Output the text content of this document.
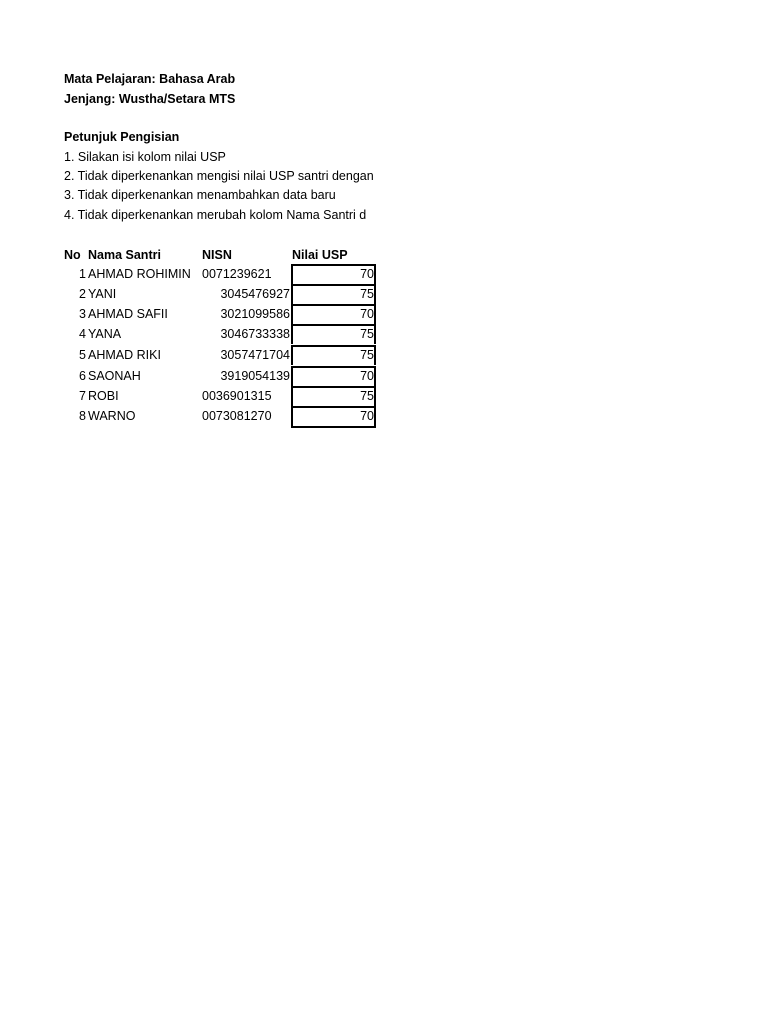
Mata Pelajaran: Bahasa Arab
Jenjang: Wustha/Setara MTS
Petunjuk Pengisian
1. Silakan isi kolom nilai USP
2. Tidak diperkenankan mengisi nilai USP santri dengan
3. Tidak diperkenankan menambahkan data baru
4. Tidak diperkenankan merubah kolom Nama Santri d
No Nama Santri	NISN	Nilai USP
1 AHMAD ROHIMIN 0071239621	70
2 YANI	3045476927	75
3 AHMAD SAFII	3021099586	70
4 YANA	3046733338	75
5 AHMAD RIKI	3057471704	75
6 SAONAH	3919054139	70
7 ROBI	0036901315	75
8 WARNO	0073081270	70
